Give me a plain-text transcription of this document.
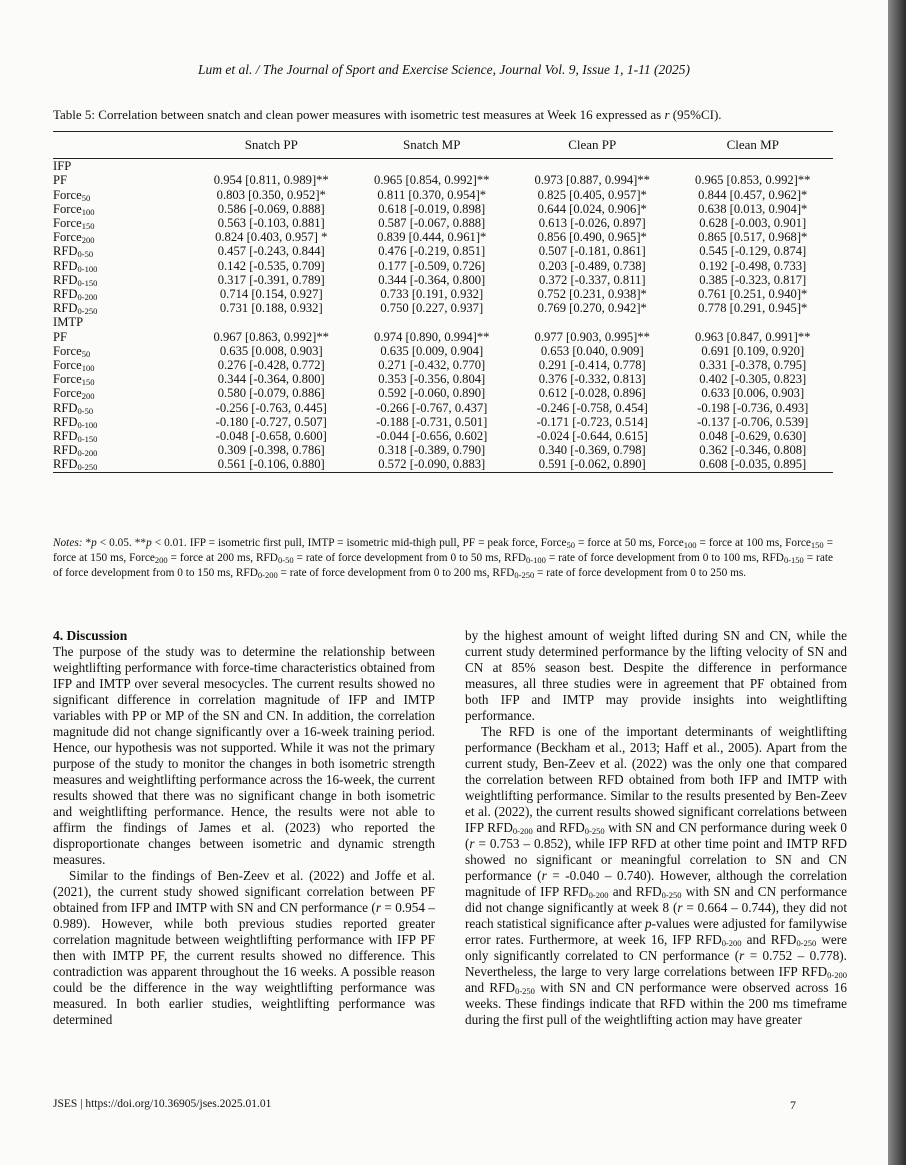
Lum et al. / The Journal of Sport and Exercise Science, Journal Vol. 9, Issue 1, 1-11 (2025)
Table 5: Correlation between snatch and clean power measures with isometric test measures at Week 16 expressed as r (95%CI).
	Snatch PP	Snatch MP	Clean PP	Clean MP
IFP				
PF	0.954 [0.811, 0.989]**	0.965 [0.854, 0.992]**	0.973 [0.887, 0.994]**	0.965 [0.853, 0.992]**
Force$_{50}$	0.803 [0.350, 0.952]*	0.811 [0.370, 0.954]*	0.825 [0.405, 0.957]*	0.844 [0.457, 0.962]*
Force$_{100}$	0.586 [-0.069, 0.888]	0.618 [-0.019, 0.898]	0.644 [0.024, 0.906]*	0.638 [0.013, 0.904]*
Force$_{150}$	0.563 [-0.103, 0.881]	0.587 [-0.067, 0.888]	0.613 [-0.026, 0.897]	0.628 [-0.003, 0.901]
Force$_{200}$	0.824 [0.403, 0.957] *	0.839 [0.444, 0.961]*	0.856 [0.490, 0.965]*	0.865 [0.517, 0.968]*
$RFD_{0-50}$	0.457 [-0.243, 0.844]	0.476 [-0.219, 0.851]	0.507 [-0.181, 0.861]	0.545 [-0.129, 0.874]
$RFD_{0-100}$	0.142 [-0.535, 0.709]	0.177 [-0.509, 0.726]	0.203 [-0.489, 0.738]	0.192 [-0.498, 0.733]
$RFD_{0-150}$	0.317 [-0.391, 0.789]	0.344 [-0.364, 0.800]	0.372 [-0.337, 0.811]	0.385 [-0.323, 0.817]
$RFD_{0-200}$	0.714 [0.154, 0.927]	0.733 [0.191, 0.932]	0.752 [0.231, 0.938]*	0.761 [0.251, 0.940]*
$RFD_{0-250}$	0.731 [0.188, 0.932]	0.750 [0.227, 0.937]	0.769 [0.270, 0.942]*	0.778 [0.291, 0.945]*
IMTP				
PF	0.967 [0.863, 0.992]**	0.974 [0.890, 0.994]**	0.977 [0.903, 0.995]**	0.963 [0.847, 0.991]**
Force$_{50}$	0.635 [0.008, 0.903]	0.635 [0.009, 0.904]	0.653 [0.040, 0.909]	0.691 [0.109, 0.920]
Force$_{100}$	0.276 [-0.428, 0.772]	0.271 [-0.432, 0.770]	0.291 [-0.414, 0.778]	0.331 [-0.378, 0.795]
Force$_{150}$	0.344 [-0.364, 0.800]	0.353 [-0.356, 0.804]	0.376 [-0.332, 0.813]	0.402 [-0.305, 0.823]
Force$_{200}$	0.580 [-0.079, 0.886]	0.592 [-0.060, 0.890]	0.612 [-0.028, 0.896]	0.633 [0.006, 0.903]
$RFD_{0-50}$	-0.256 [-0.763, 0.445]	-0.266 [-0.767, 0.437]	-0.246 [-0.758, 0.454]	-0.198 [-0.736, 0.493]
$RFD_{0-100}$	-0.180 [-0.727, 0.507]	-0.188 [-0.731, 0.501]	-0.171 [-0.723, 0.514]	-0.137 [-0.706, 0.539]
$RFD_{0-150}$	-0.048 [-0.658, 0.600]	-0.044 [-0.656, 0.602]	-0.024 [-0.644, 0.615]	0.048 [-0.629, 0.630]
$RFD_{0-200}$	0.309 [-0.398, 0.786]	0.318 [-0.389, 0.790]	0.340 [-0.369, 0.798]	0.362 [-0.346, 0.808]
$RFD_{0-250}$	0.561 [-0.106, 0.880]	0.572 [-0.090, 0.883]	0.591 [-0.062, 0.890]	0.608 [-0.035, 0.895]
Notes: *p < 0.05. **p < 0.01. IFP = isometric first pull, IMTP = isometric mid-thigh pull, PF = peak force, Force$_{50}$ = force at 50 ms, Force$_{100}$ = force at 100 ms, Force$_{150}$ = force at 150 ms, Force$_{200}$ = force at 200 ms, $RFD_{0-50}$ = rate of force development from 0 to 50 ms, $RFD_{0-100}$ = rate of force development from 0 to 100 ms, $RFD_{0-150}$ = rate of force development from 0 to 150 ms, $RFD_{0-200}$ = rate of force development from 0 to 200 ms, $RFD_{0-250}$ = rate of force development from 0 to 250 ms.

4. Discussion

The purpose of the study was to determine the relationship between weightlifting performance with force-time characteristics obtained from IFP and IMTP over several mesocycles. The current results showed no significant difference in correlation magnitude of IFP and IMTP variables with PP or MP of the SN and CN. In addition, the correlation magnitude did not change significantly over a 16-week training period. Hence, our hypothesis was not supported. While it was not the primary purpose of the study to monitor the changes in both isometric strength measures and weightlifting performance across the 16-week, the current results showed that there was no significant change in both isometric and weightlifting performance. Hence, the results were not able to affirm the findings of James et al. (2023) who reported the disproportionate changes between isometric and dynamic strength measures.

Similar to the findings of Ben-Zeev et al. (2022) and Joffe et al. (2021), the current study showed significant correlation between PF obtained from IFP and IMTP with SN and CN performance (r = 0.954 – 0.989). However, while both previous studies reported greater correlation magnitude between weightlifting performance with IFP PF then with IMTP PF, the current results showed no difference. This contradiction was apparent throughout the 16 weeks. A possible reason could be the difference in the way weightlifting performance was measured. In both earlier studies, weightlifting performance was determined

by the highest amount of weight lifted during SN and CN, while the current study determined performance by the lifting velocity of SN and CN at 85% season best. Despite the difference in performance measures, all three studies were in agreement that PF obtained from both IFP and IMTP may provide insights into weightlifting performance.

The RFD is one of the important determinants of weightlifting performance (Beckham et al., 2013; Haff et al., 2005). Apart from the current study, Ben-Zeev et al. (2022) was the only one that compared the correlation between RFD obtained from both IFP and IMTP with weightlifting performance. Similar to the results presented by Ben-Zeev et al. (2022), the current results showed significant correlations between IFP $RFD_{0-200}$ and $RFD_{0-250}$ with SN and CN performance during week 0 (r = 0.753 – 0.852), while IFP RFD at other time point and IMTP RFD showed no significant or meaningful correlation to SN and CN performance (r = -0.040 – 0.740). However, although the correlation magnitude of IFP $RFD_{0-200}$ and $RFD_{0-250}$ with SN and CN performance did not change significantly at week 8 (r = 0.664 – 0.744), they did not reach statistical significance after p-values were adjusted for familywise error rates. Furthermore, at week 16, IFP $RFD_{0-200}$ and $RFD_{0-250}$ were only significantly correlated to CN performance (r = 0.752 – 0.778). Nevertheless, the large to very large correlations between IFP $RFD_{0-200}$ and $RFD_{0-250}$ with SN and CN performance were observed across 16 weeks. These findings indicate that RFD within the 200 ms timeframe during the first pull of the weightlifting action may have greater

JSES | https://doi.org/10.36905/jses.2025.01.01	7
